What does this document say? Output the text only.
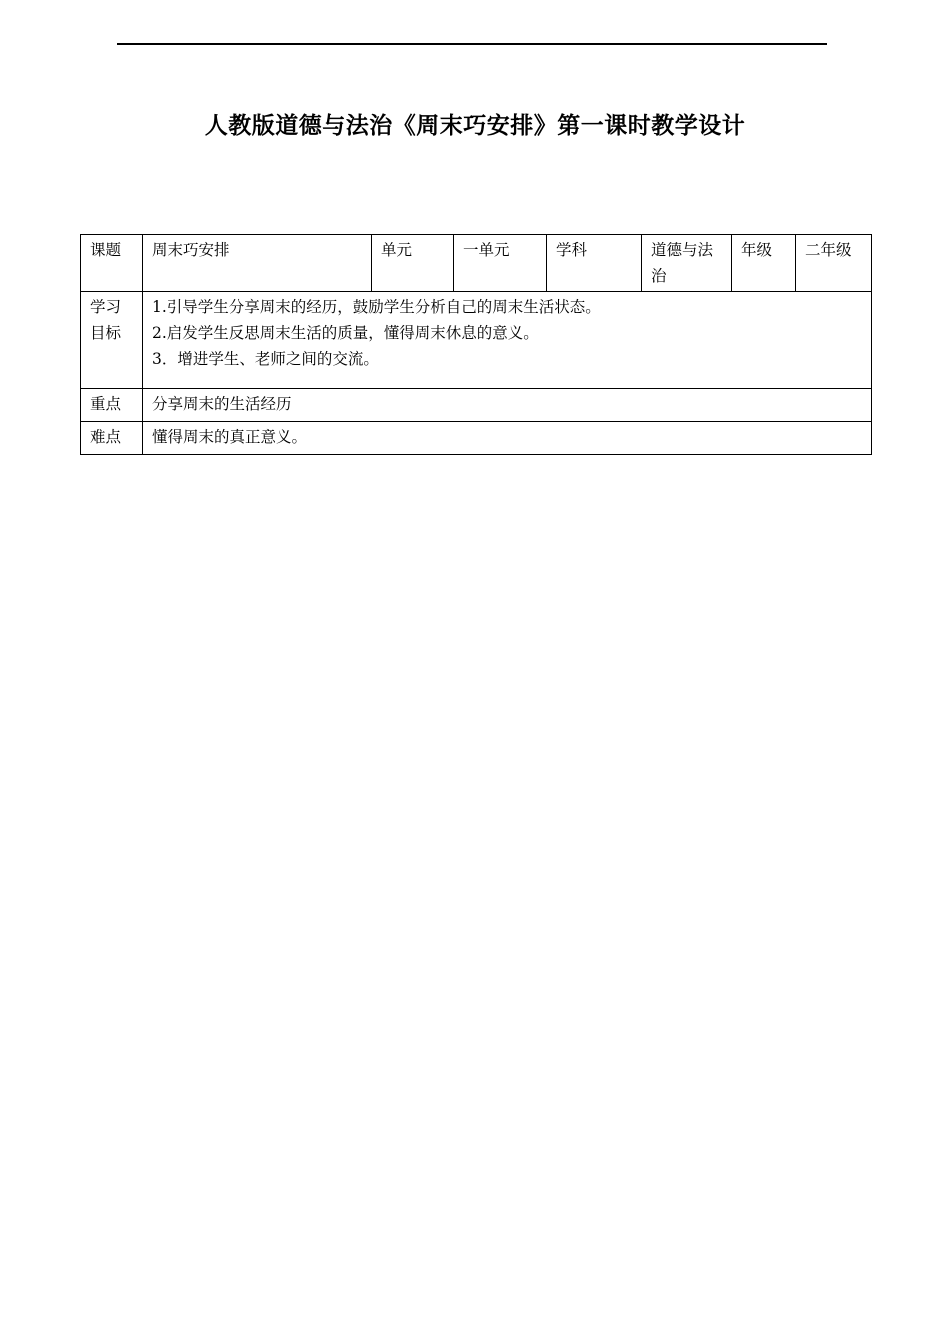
人教版道德与法治《周末巧安排》第一课时教学设计
课题	周末巧安排	单元	一单元	学科	道德与法治	年级	二年级

学习
目标	1.引导学生分享周末的经历，鼓励学生分析自己的周末生活状态。
2.启发学生反思周末生活的质量，懂得周末休息的意义。
3．增进学生、老师之间的交流。						

重点	分享周末的生活经历						
难点	懂得周末的真正意义。						
